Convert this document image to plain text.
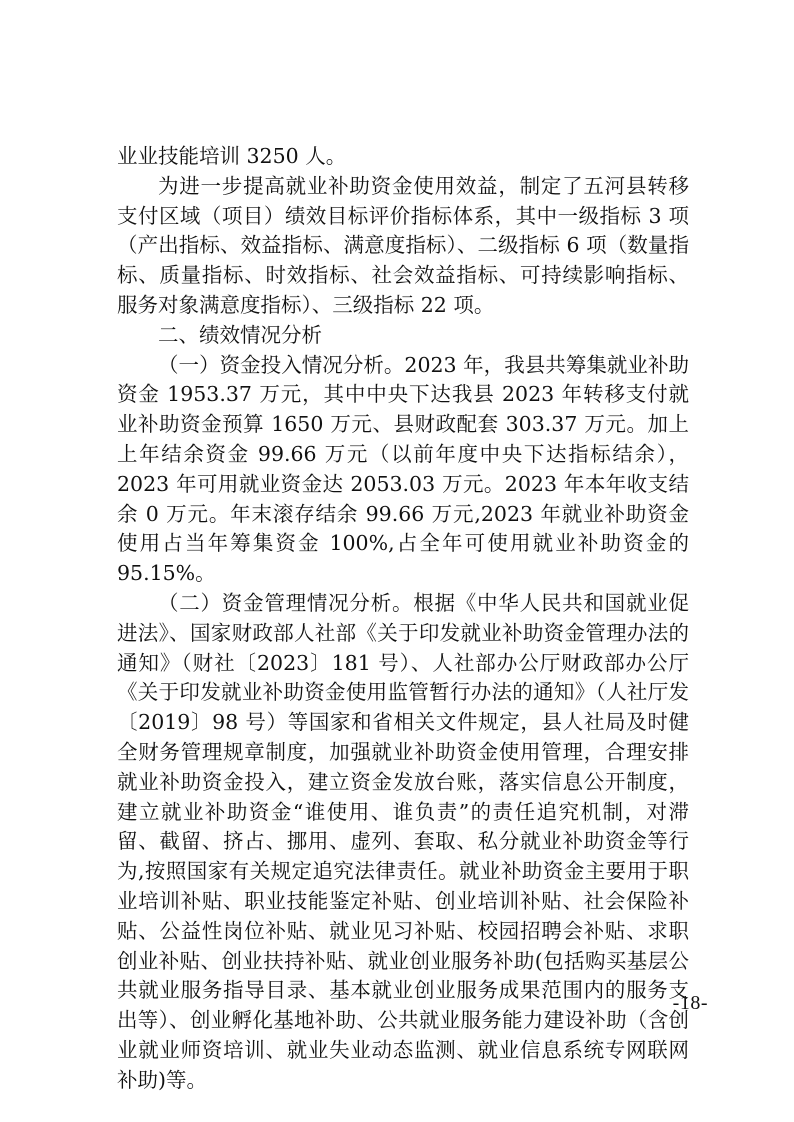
业业技能培训 3250 人。

为进一步提高就业补助资金使用效益，制定了五河县转移支付区域（项目）绩效目标评价指标体系，其中一级指标 3 项（产出指标、效益指标、满意度指标）、二级指标 6 项（数量指标、质量指标、时效指标、社会效益指标、可持续影响指标、服务对象满意度指标）、三级指标 22 项。

二、绩效情况分析

（一）资金投入情况分析。2023 年，我县共筹集就业补助资金 1953.37 万元，其中中央下达我县 2023 年转移支付就业补助资金预算 1650 万元、县财政配套 303.37 万元。加上上年结余资金 99.66 万元（以前年度中央下达指标结余），2023 年可用就业资金达 2053.03 万元。2023 年本年收支结余 0 万元。年末滚存结余 99.66 万元,2023 年就业补助资金使用占当年筹集资金 100%,占全年可使用就业补助资金的 95.15%。

（二）资金管理情况分析。根据《中华人民共和国就业促进法》、国家财政部人社部《关于印发就业补助资金管理办法的通知》（财社〔2023〕181 号）、人社部办公厅财政部办公厅《关于印发就业补助资金使用监管暂行办法的通知》（人社厅发〔2019〕98 号）等国家和省相关文件规定，县人社局及时健全财务管理规章制度，加强就业补助资金使用管理，合理安排就业补助资金投入，建立资金发放台账，落实信息公开制度，建立就业补助资金“谁使用、谁负责”的责任追究机制，对滞留、截留、挤占、挪用、虚列、套取、私分就业补助资金等行为,按照国家有关规定追究法律责任。就业补助资金主要用于职业培训补贴、职业技能鉴定补贴、创业培训补贴、社会保险补贴、公益性岗位补贴、就业见习补贴、校园招聘会补贴、求职创业补贴、创业扶持补贴、就业创业服务补助(包括购买基层公共就业服务指导目录、基本就业创业服务成果范围内的服务支出等）、创业孵化基地补助、公共就业服务能力建设补助（含创业就业师资培训、就业失业动态监测、就业信息系统专网联网补助)等。

-18-
